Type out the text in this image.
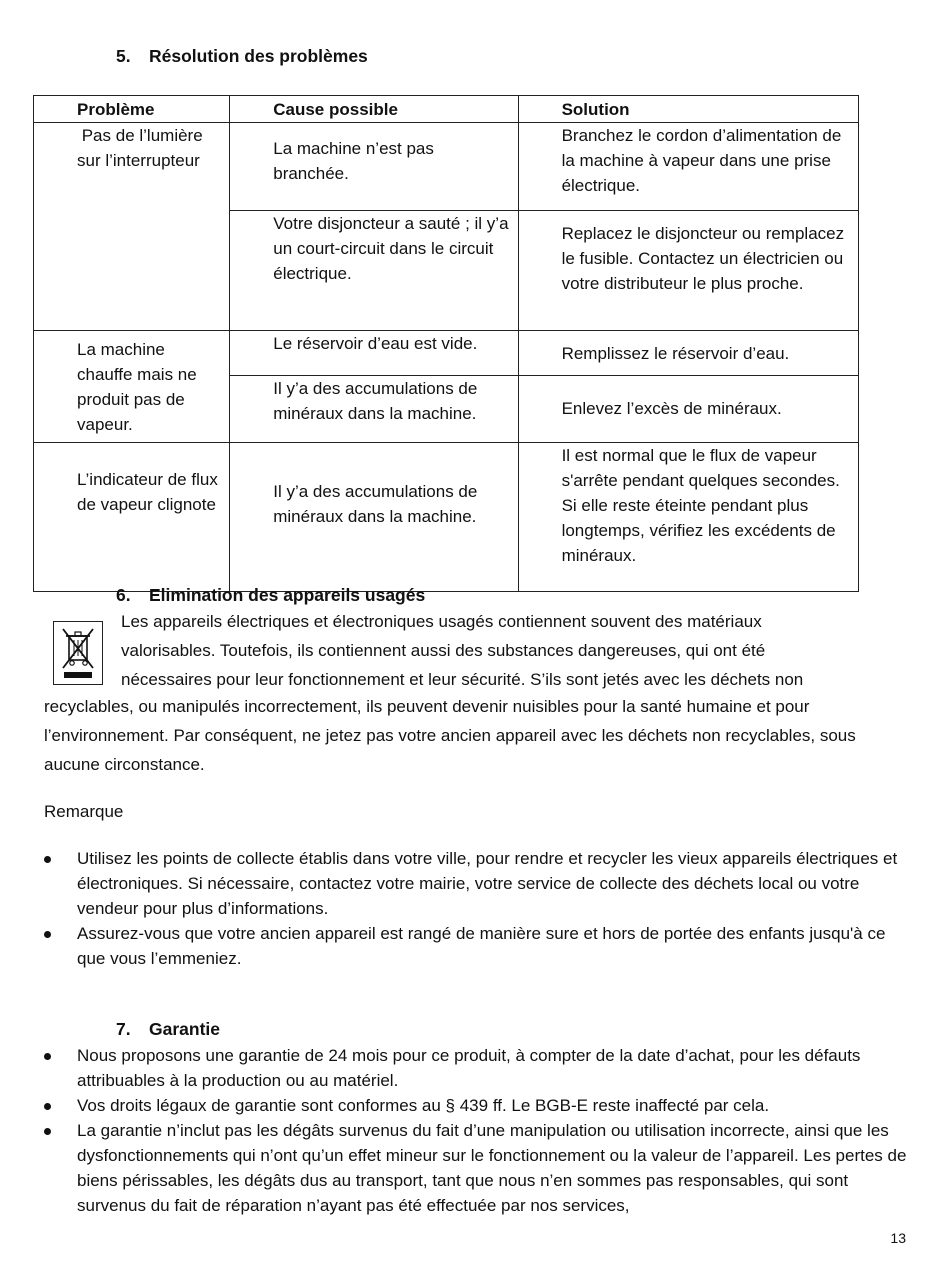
5. Résolution des problèmes
Problème	Cause possible	Solution

Pas de l’lumière
sur l’interrupteur	La machine n’est pas branchée.	Branchez le cordon d’alimentation de la machine à vapeur dans une prise électrique.
	Votre disjoncteur a sauté ; il y’a un court-circuit dans le circuit électrique.	Replacez le disjoncteur ou remplacez le fusible. Contactez un électricien ou votre distributeur le plus proche.
La machine chauffe mais ne produit pas de vapeur.	Le réservoir d’eau est vide.	Remplissez le réservoir d’eau.
	Il y’a des accumulations de minéraux dans la machine.	Enlevez l’excès de minéraux.
L’indicateur de flux de vapeur clignote	Il y’a des accumulations de minéraux dans la machine.	Il est normal que le flux de vapeur s'arrête pendant quelques secondes. Si elle reste éteinte pendant plus longtemps, vérifiez les excédents de minéraux.
6. Elimination des appareils usagés
Les appareils électriques et électroniques usagés contiennent souvent des matériaux
valorisables. Toutefois, ils contiennent aussi des substances dangereuses, qui ont été
nécessaires pour leur fonctionnement et leur sécurité. S’ils sont jetés avec les déchets non

recyclables, ou manipulés incorrectement, ils peuvent devenir nuisibles pour la santé humaine et pour l’environnement. Par conséquent, ne jetez pas votre ancien appareil avec les déchets non recyclables, sous aucune circonstance.

Remarque

Utilisez les points de collecte établis dans votre ville, pour rendre et recycler les vieux appareils électriques et électroniques. Si nécessaire, contactez votre mairie, votre service de collecte des déchets local ou votre vendeur pour plus d’informations.
Assurez-vous que votre ancien appareil est rangé de manière sure et hors de portée des enfants jusqu'à ce que vous l’emmeniez.
7. Garantie
Nous proposons une garantie de 24 mois pour ce produit, à compter de la date d’achat, pour les défauts attribuables à la production ou au matériel.
Vos droits légaux de garantie sont conformes au § 439 ff. Le BGB-E reste inaffecté par cela.
La garantie n’inclut pas les dégâts survenus du fait d’une manipulation ou utilisation incorrecte, ainsi que les dysfonctionnements qui n’ont qu’un effet mineur sur le fonctionnement ou la valeur de l’appareil. Les pertes de biens périssables, les dégâts dus au transport, tant que nous n’en sommes pas responsables, qui sont survenus du fait de réparation n’ayant pas été effectuée par nos services,
13
